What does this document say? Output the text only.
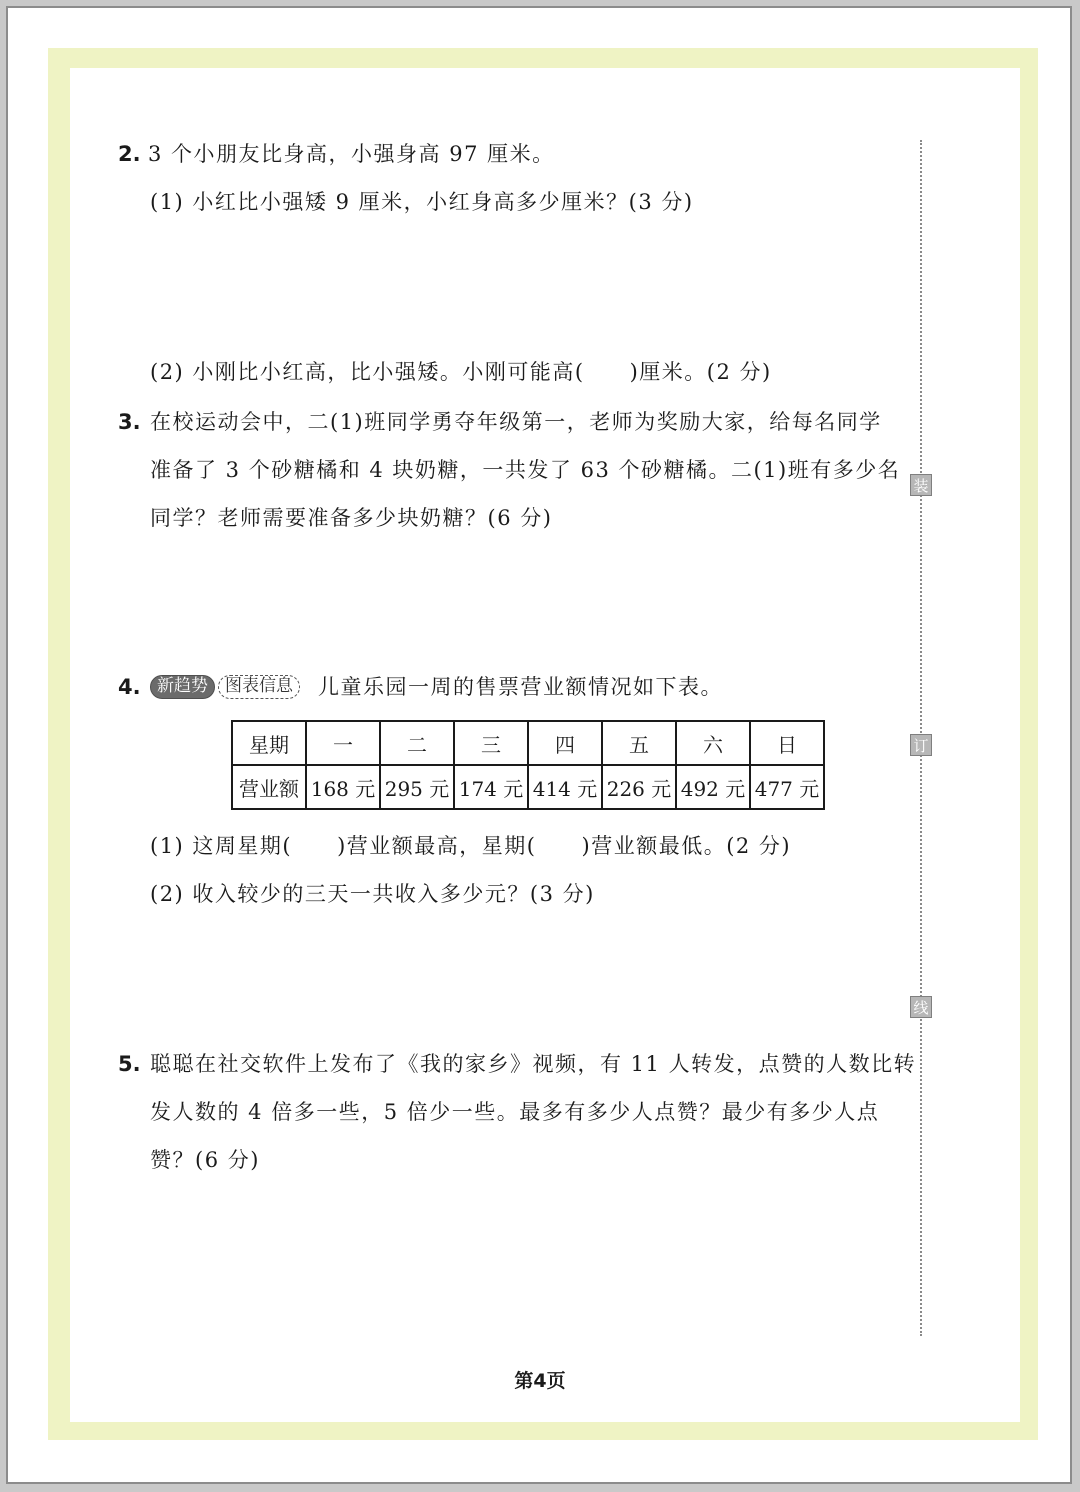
装
订
线
2. 3 个小朋友比身高，小强身高 97 厘米。
(1) 小红比小强矮 9 厘米，小红身高多少厘米？(3 分)
(2) 小刚比小红高，比小强矮。小刚可能高(　　)厘米。(2 分)
3. 在校运动会中，二(1)班同学勇夺年级第一，老师为奖励大家，给每名同学
准备了 3 个砂糖橘和 4 块奶糖，一共发了 63 个砂糖橘。二(1)班有多少名
同学？老师需要准备多少块奶糖？(6 分)
4. 新趋势	图表信息	儿童乐园一周的售票营业额情况如下表。
星期	一	二	三	四	五	六	日
营业额	168 元	295 元	174 元	414 元	226 元	492 元	477 元
(1) 这周星期(　　)营业额最高，星期(　　)营业额最低。(2 分)
(2) 收入较少的三天一共收入多少元？(3 分)
5. 聪聪在社交软件上发布了《我的家乡》视频，有 11 人转发，点赞的人数比转
发人数的 4 倍多一些，5 倍少一些。最多有多少人点赞？最少有多少人点
赞？(6 分)
第4页
